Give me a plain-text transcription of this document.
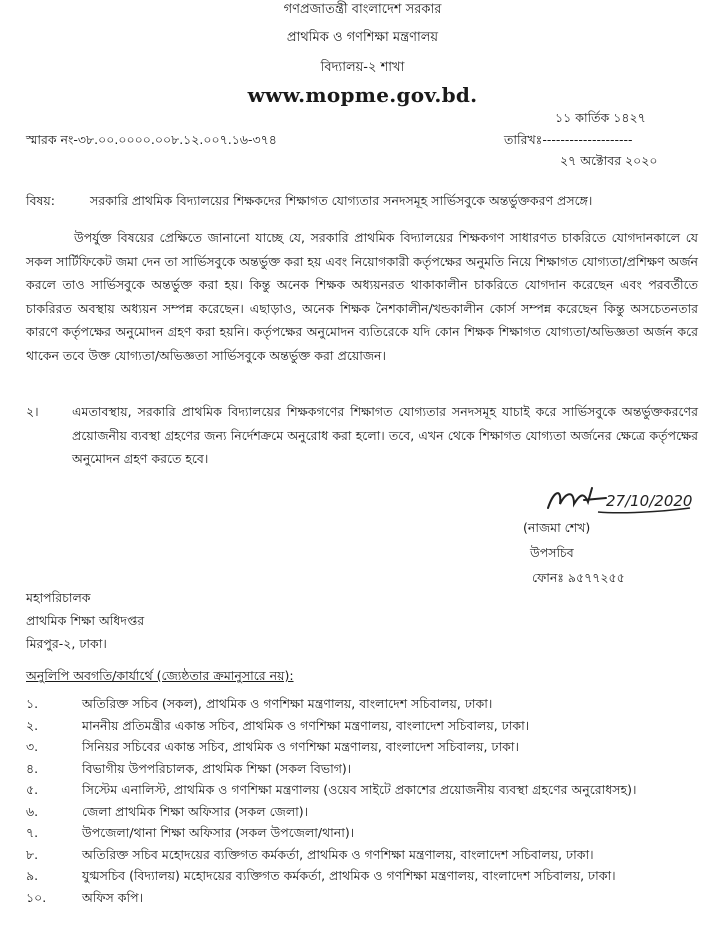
গণপ্রজাতন্ত্রী বাংলাদেশ সরকার
প্রাথমিক ও গণশিক্ষা মন্ত্রণালয়
বিদ্যালয়-২ শাখা
www.mopme.gov.bd.
১১ কার্তিক ১৪২৭
স্মারক নং-৩৮.০০.০০০০.০০৮.১২.০০৭.১৬-৩৭৪	তারিখঃ--------------------
২৭ অক্টোবর ২০২০
বিষয়:	সরকারি প্রাথমিক বিদ্যালয়ের শিক্ষকদের শিক্ষাগত যোগ্যতার সনদসমূহ সার্ভিসবুকে অন্তর্ভুক্তকরণ প্রসঙ্গে।
উপর্যুক্ত বিষয়ের প্রেক্ষিতে জানানো যাচ্ছে যে, সরকারি প্রাথমিক বিদ্যালয়ের শিক্ষকগণ সাধারণত চাকরিতে যোগদানকালে যে সকল সার্টিফিকেট জমা দেন তা সার্ভিসবুকে অন্তর্ভুক্ত করা হয় এবং নিয়োগকারী কর্তৃপক্ষের অনুমতি নিয়ে শিক্ষাগত যোগ্যতা/প্রশিক্ষণ অর্জন করলে তাও সার্ভিসবুকে অন্তর্ভুক্ত করা হয়। কিন্তু অনেক শিক্ষক অধ্যয়নরত থাকাকালীন চাকরিতে যোগদান করেছেন এবং পরবর্তীতে চাকরিরত অবস্থায় অধ্যয়ন সম্পন্ন করেছেন। এছাড়াও, অনেক শিক্ষক নৈশকালীন/খন্ডকালীন কোর্স সম্পন্ন করেছেন কিন্তু অসচেতনতার কারণে কর্তৃপক্ষের অনুমোদন গ্রহণ করা হয়নি। কর্তৃপক্ষের অনুমোদন ব্যতিরেকে যদি কোন শিক্ষক শিক্ষাগত যোগ্যতা/অভিজ্ঞতা অর্জন করে থাকেন তবে উক্ত যোগ্যতা/অভিজ্ঞতা সার্ভিসবুকে অন্তর্ভুক্ত করা প্রয়োজন।
২।	এমতাবস্থায়, সরকারি প্রাথমিক বিদ্যালয়ের শিক্ষকগণের শিক্ষাগত যোগ্যতার সনদসমূহ যাচাই করে সার্ভিসবুকে অন্তর্ভুক্তকরণের প্রয়োজনীয় ব্যবস্থা গ্রহণের জন্য নির্দেশক্রমে অনুরোধ করা হলো। তবে, এখন থেকে শিক্ষাগত যোগ্যতা অর্জনের ক্ষেত্রে কর্তৃপক্ষের অনুমোদন গ্রহণ করতে হবে।
27/10/2020
(নাজমা শেখ)
উপসচিব
ফোনঃ ৯৫৭৭২৫৫
মহাপরিচালক
প্রাথমিক শিক্ষা অধিদপ্তর
মিরপুর-২, ঢাকা।
অনুলিপি অবগতি/কার্যার্থে (জ্যেষ্ঠতার ক্রমানুসারে নয়):
১.	অতিরিক্ত সচিব (সকল), প্রাথমিক ও গণশিক্ষা মন্ত্রণালয়, বাংলাদেশ সচিবালয়, ঢাকা।
২.	মাননীয় প্রতিমন্ত্রীর একান্ত সচিব, প্রাথমিক ও গণশিক্ষা মন্ত্রণালয়, বাংলাদেশ সচিবালয়, ঢাকা।
৩.	সিনিয়র সচিবের একান্ত সচিব, প্রাথমিক ও গণশিক্ষা মন্ত্রণালয়, বাংলাদেশ সচিবালয়, ঢাকা।
৪.	বিভাগীয় উপপরিচালক, প্রাথমিক শিক্ষা (সকল বিভাগ)।
৫.	সিস্টেম এনালিস্ট, প্রাথমিক ও গণশিক্ষা মন্ত্রণালয় (ওয়েব সাইটে প্রকাশের প্রয়োজনীয় ব্যবস্থা গ্রহণের অনুরোধসহ)।
৬.	জেলা প্রাথমিক শিক্ষা অফিসার (সকল জেলা)।
৭.	উপজেলা/থানা শিক্ষা অফিসার (সকল উপজেলা/থানা)।
৮.	অতিরিক্ত সচিব মহোদয়ের ব্যক্তিগত কর্মকর্তা, প্রাথমিক ও গণশিক্ষা মন্ত্রণালয়, বাংলাদেশ সচিবালয়, ঢাকা।
৯.	যুগ্মসচিব (বিদ্যালয়) মহোদয়ের ব্যক্তিগত কর্মকর্তা, প্রাথমিক ও গণশিক্ষা মন্ত্রণালয়, বাংলাদেশ সচিবালয়, ঢাকা।
১০.	অফিস কপি।
